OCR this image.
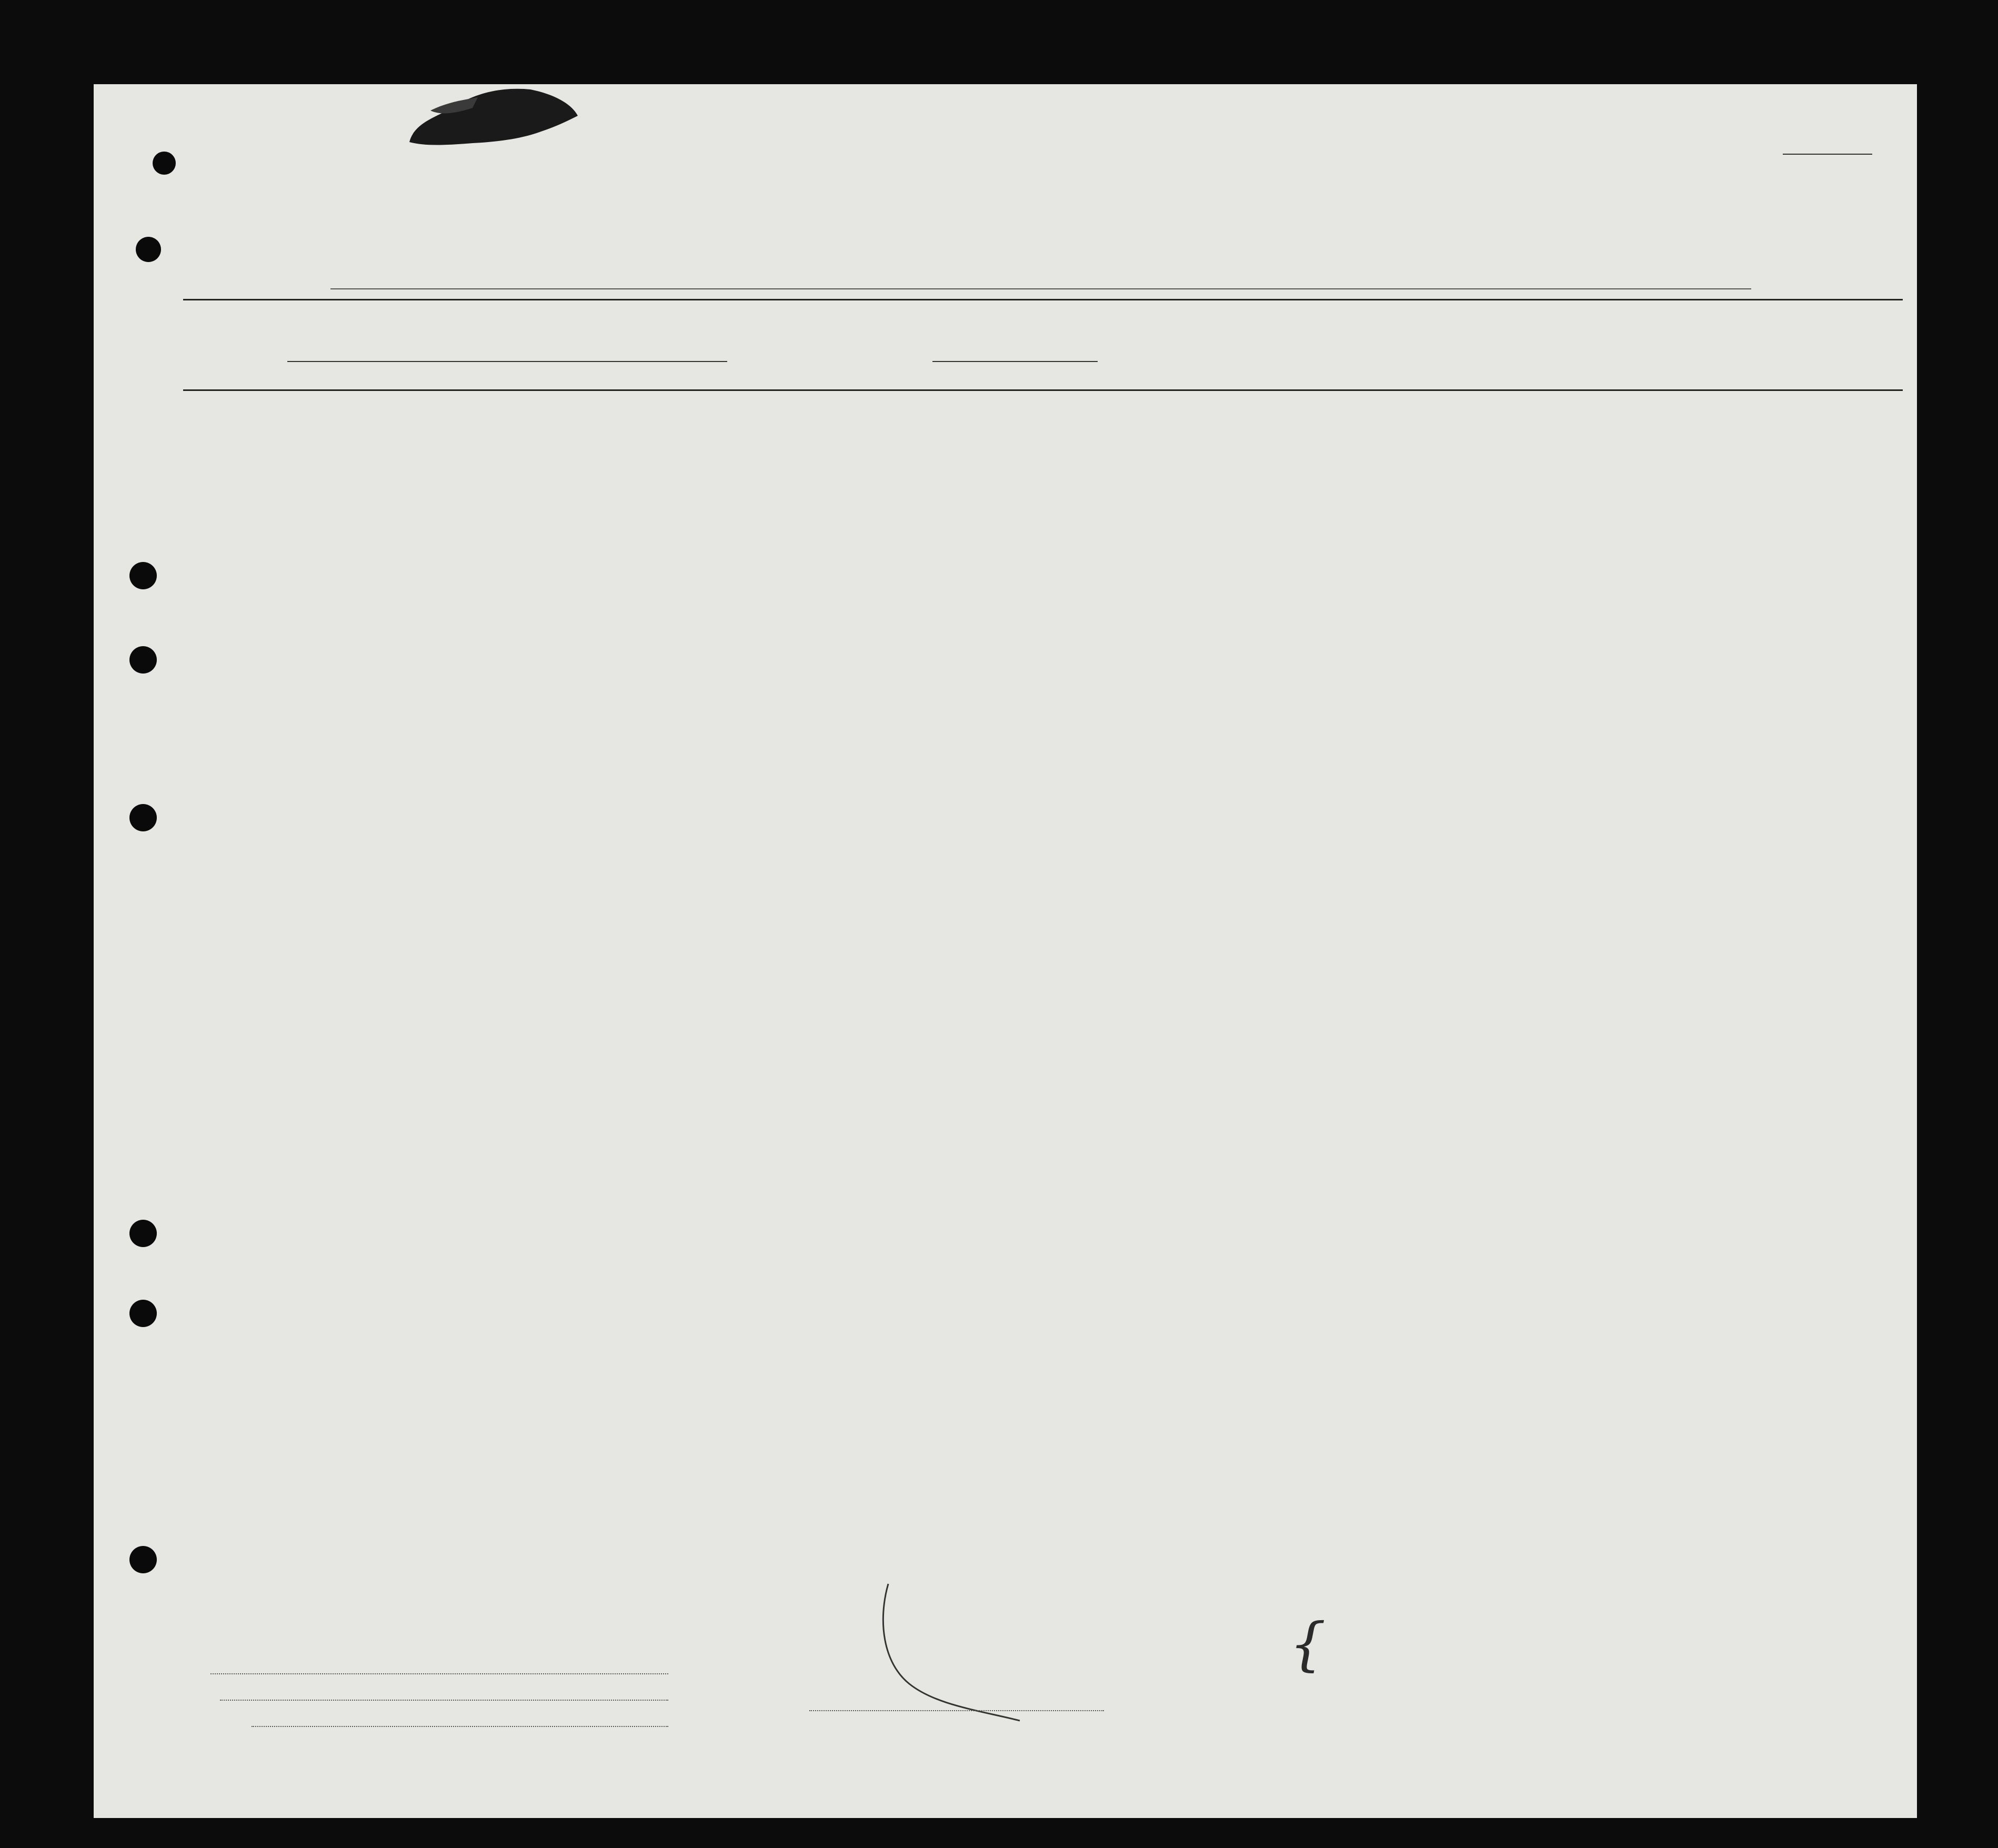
{
